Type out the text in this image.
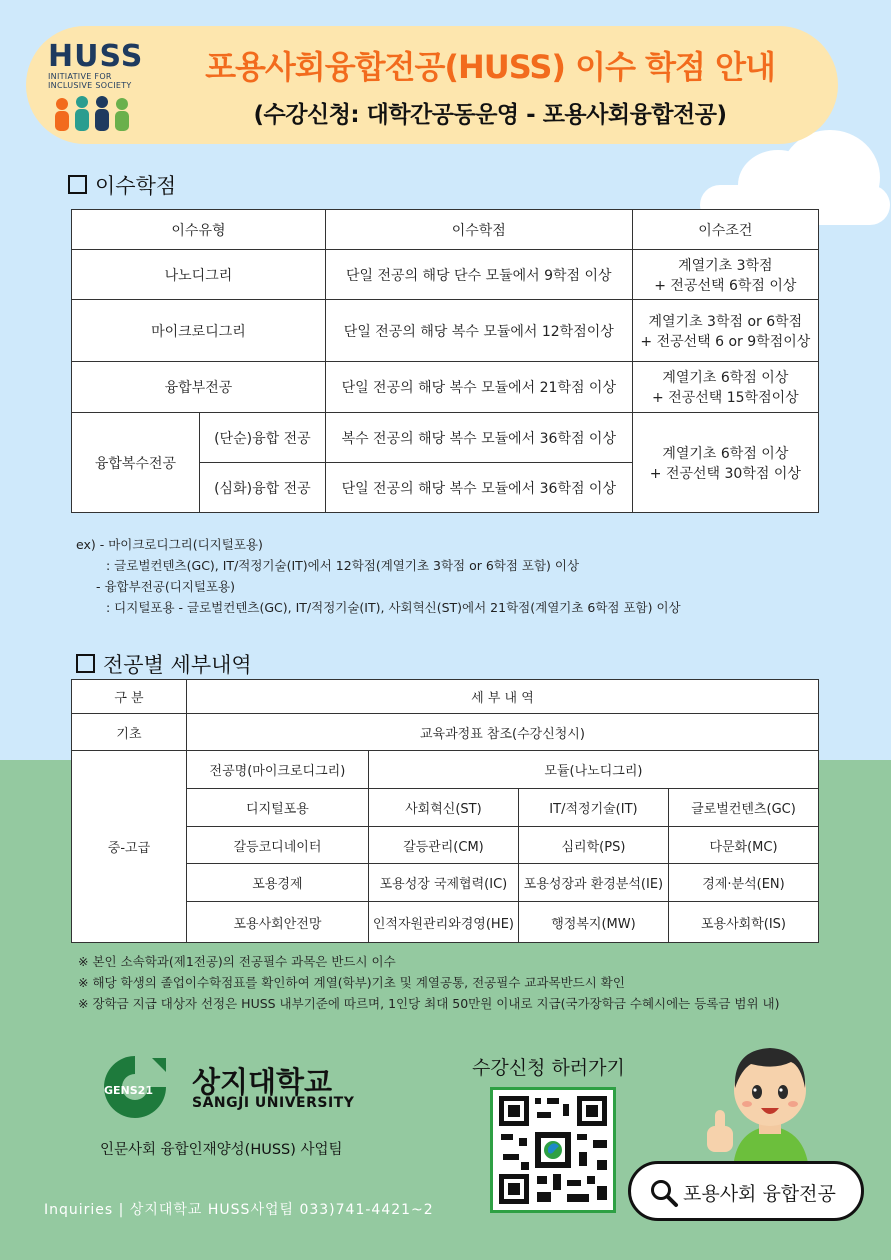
HUSS
INITIATIVE FOR
INCLUSIVE SOCIETY	포용사회융합전공(HUSS) 이수 학점 안내
(수강신청: 대학간공동운영 - 포용사회융합전공)
이수학점
이수유형		이수학점	이수조건
나노디그리		단일 전공의 해당 단수 모듈에서 9학점 이상	계열기초 3학점
+ 전공선택 6학점 이상

마이크로디그리		단일 전공의 해당 복수 모듈에서 12학점이상	계열기초 3학점 or 6학점
+ 전공선택 6 or 9학점이상

융합부전공		단일 전공의 해당 복수 모듈에서 21학점 이상	계열기초 6학점 이상
+ 전공선택 15학점이상

융합복수전공	(단순)융합 전공	복수 전공의 해당 복수 모듈에서 36학점 이상	계열기초 6학점 이상
+ 전공선택 30학점 이상

	(심화)융합 전공	단일 전공의 해당 복수 모듈에서 36학점 이상	
ex) - 마이크로디그리(디지털포용)
: 글로벌컨텐츠(GC), IT/적정기술(IT)에서 12학점(계열기초 3학점 or 6학점 포함) 이상
- 융합부전공(디지털포용)
: 디지털포용 - 글로벌컨텐츠(GC), IT/적정기술(IT), 사회혁신(ST)에서 21학점(계열기초 6학점 포함) 이상
전공별 세부내역
구 분	세 부 내 역			
기초	교육과정표 참조(수강신청시)			
중-고급	전공명(마이크로디그리)	모듈(나노디그리)		
	디지털포용	사회혁신(ST)	IT/적정기술(IT)	글로벌컨텐츠(GC)
	갈등코디네이터	갈등관리(CM)	심리학(PS)	다문화(MC)
	포용경제	포용성장 국제협력(IC)	포용성장과 환경분석(IE)	경제·분석(EN)
	포용사회안전망	인적자원관리와경영(HE)	행정복지(MW)	포용사회학(IS)
※ 본인 소속학과(제1전공)의 전공필수 과목은 반드시 이수
※ 해당 학생의 졸업이수학점표를 확인하여 계열(학부)기초 및 계열공통, 전공필수 교과목반드시 확인
※ 장학금 지급 대상자 선정은 HUSS 내부기준에 따르며, 1인당 최대 50만원 이내로 지급(국가장학금 수혜시에는 등록금 범위 내)
GENS21 상지대학교
SANGJI UNIVERSITY
인문사회 융합인재양성(HUSS) 사업팀
Inquiries | 상지대학교 HUSS사업팀 033)741-4421~2
수강신청 하러가기
포용사회 융합전공
